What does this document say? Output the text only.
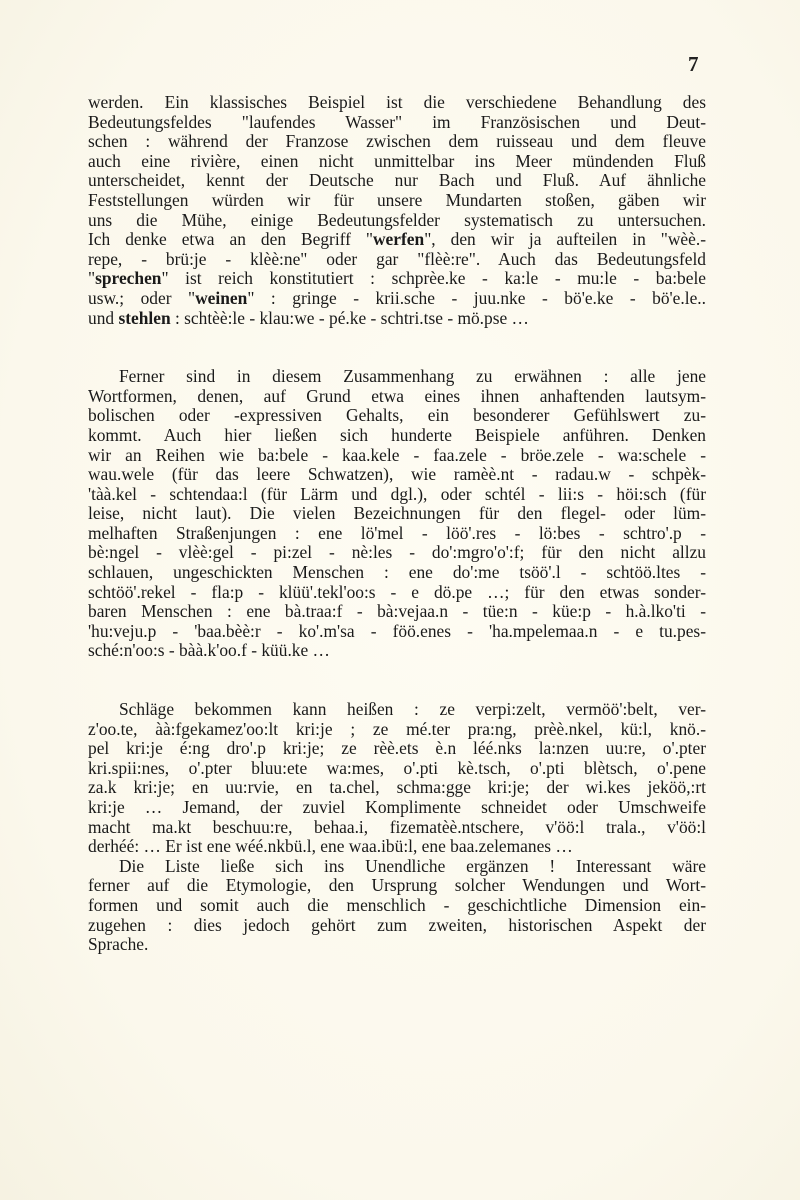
7
werden. Ein klassisches Beispiel ist die verschiedene Behandlung des
Bedeutungsfeldes "laufendes Wasser" im Französischen und Deut-
schen : während der Franzose zwischen dem ruisseau und dem fleuve
auch eine rivière, einen nicht unmittelbar ins Meer mündenden Fluß
unterscheidet, kennt der Deutsche nur Bach und Fluß. Auf ähnliche
Feststellungen würden wir für unsere Mundarten stoßen, gäben wir
uns die Mühe, einige Bedeutungsfelder systematisch zu untersuchen.
Ich denke etwa an den Begriff "werfen", den wir ja aufteilen in "wèè.-
repe, - brü:je - klèè:ne" oder gar "flèè:re". Auch das Bedeutungsfeld
"sprechen" ist reich konstitutiert : schprèe.ke - ka:le - mu:le - ba:bele
usw.; oder "weinen" : gringe - krii.sche - juu.nke - bö'e.ke - bö'e.le..
und stehlen : schtèè:le - klau:we - pé.ke - schtri.tse - mö.pse …
Ferner sind in diesem Zusammenhang zu erwähnen : alle jene
Wortformen, denen, auf Grund etwa eines ihnen anhaftenden lautsym-
bolischen oder -expressiven Gehalts, ein besonderer Gefühlswert zu-
kommt. Auch hier ließen sich hunderte Beispiele anführen. Denken
wir an Reihen wie ba:bele - kaa.kele - faa.zele - bröe.zele - wa:schele -
wau.wele (für das leere Schwatzen), wie ramèè.nt - radau.w - schpèk-
'tàà.kel - schtendaa:l (für Lärm und dgl.), oder schtél - lii:s - höi:sch (für
leise, nicht laut). Die vielen Bezeichnungen für den flegel- oder lüm-
melhaften Straßenjungen : ene lö'mel - löö'.res - lö:bes - schtro'.p -
bè:ngel - vlèè:gel - pi:zel - nè:les - do':mgro'o':f; für den nicht allzu
schlauen, ungeschickten Menschen : ene do':me tsöö'.l - schtöö.ltes -
schtöö'.rekel - fla:p - klüü'.tekl'oo:s - e dö.pe …; für den etwas sonder-
baren Menschen : ene bà.traa:f - bà:vejaa.n - tüe:n - küe:p - h.à.lko'ti -
'hu:veju.p - 'baa.bèè:r - ko'.m'sa - föö.enes - 'ha.mpelemaa.n - e tu.pes-
sché:n'oo:s - bàà.k'oo.f - küü.ke …
Schläge bekommen kann heißen : ze verpi:zelt, vermöö':belt, ver-
z'oo.te, àà:fgekamez'oo:lt kri:je ; ze mé.ter pra:ng, prèè.nkel, kü:l, knö.-
pel kri:je é:ng dro'.p kri:je; ze rèè.ets è.n léé.nks la:nzen uu:re, o'.pter
kri.spii:nes, o'.pter bluu:ete wa:mes, o'.pti kè.tsch, o'.pti blètsch, o'.pene
za.k kri:je; en uu:rvie, en ta.chel, schma:gge kri:je; der wi.kes jeköö,:rt
kri:je … Jemand, der zuviel Komplimente schneidet oder Umschweife
macht ma.kt beschuu:re, behaa.i, fizematèè.ntschere, v'öö:l trala., v'öö:l
derhéé: … Er ist ene wéé.nkbü.l, ene waa.ibü:l, ene baa.zelemanes …
Die Liste ließe sich ins Unendliche ergänzen ! Interessant wäre
ferner auf die Etymologie, den Ursprung solcher Wendungen und Wort-
formen und somit auch die menschlich - geschichtliche Dimension ein-
zugehen : dies jedoch gehört zum zweiten, historischen Aspekt der
Sprache.
